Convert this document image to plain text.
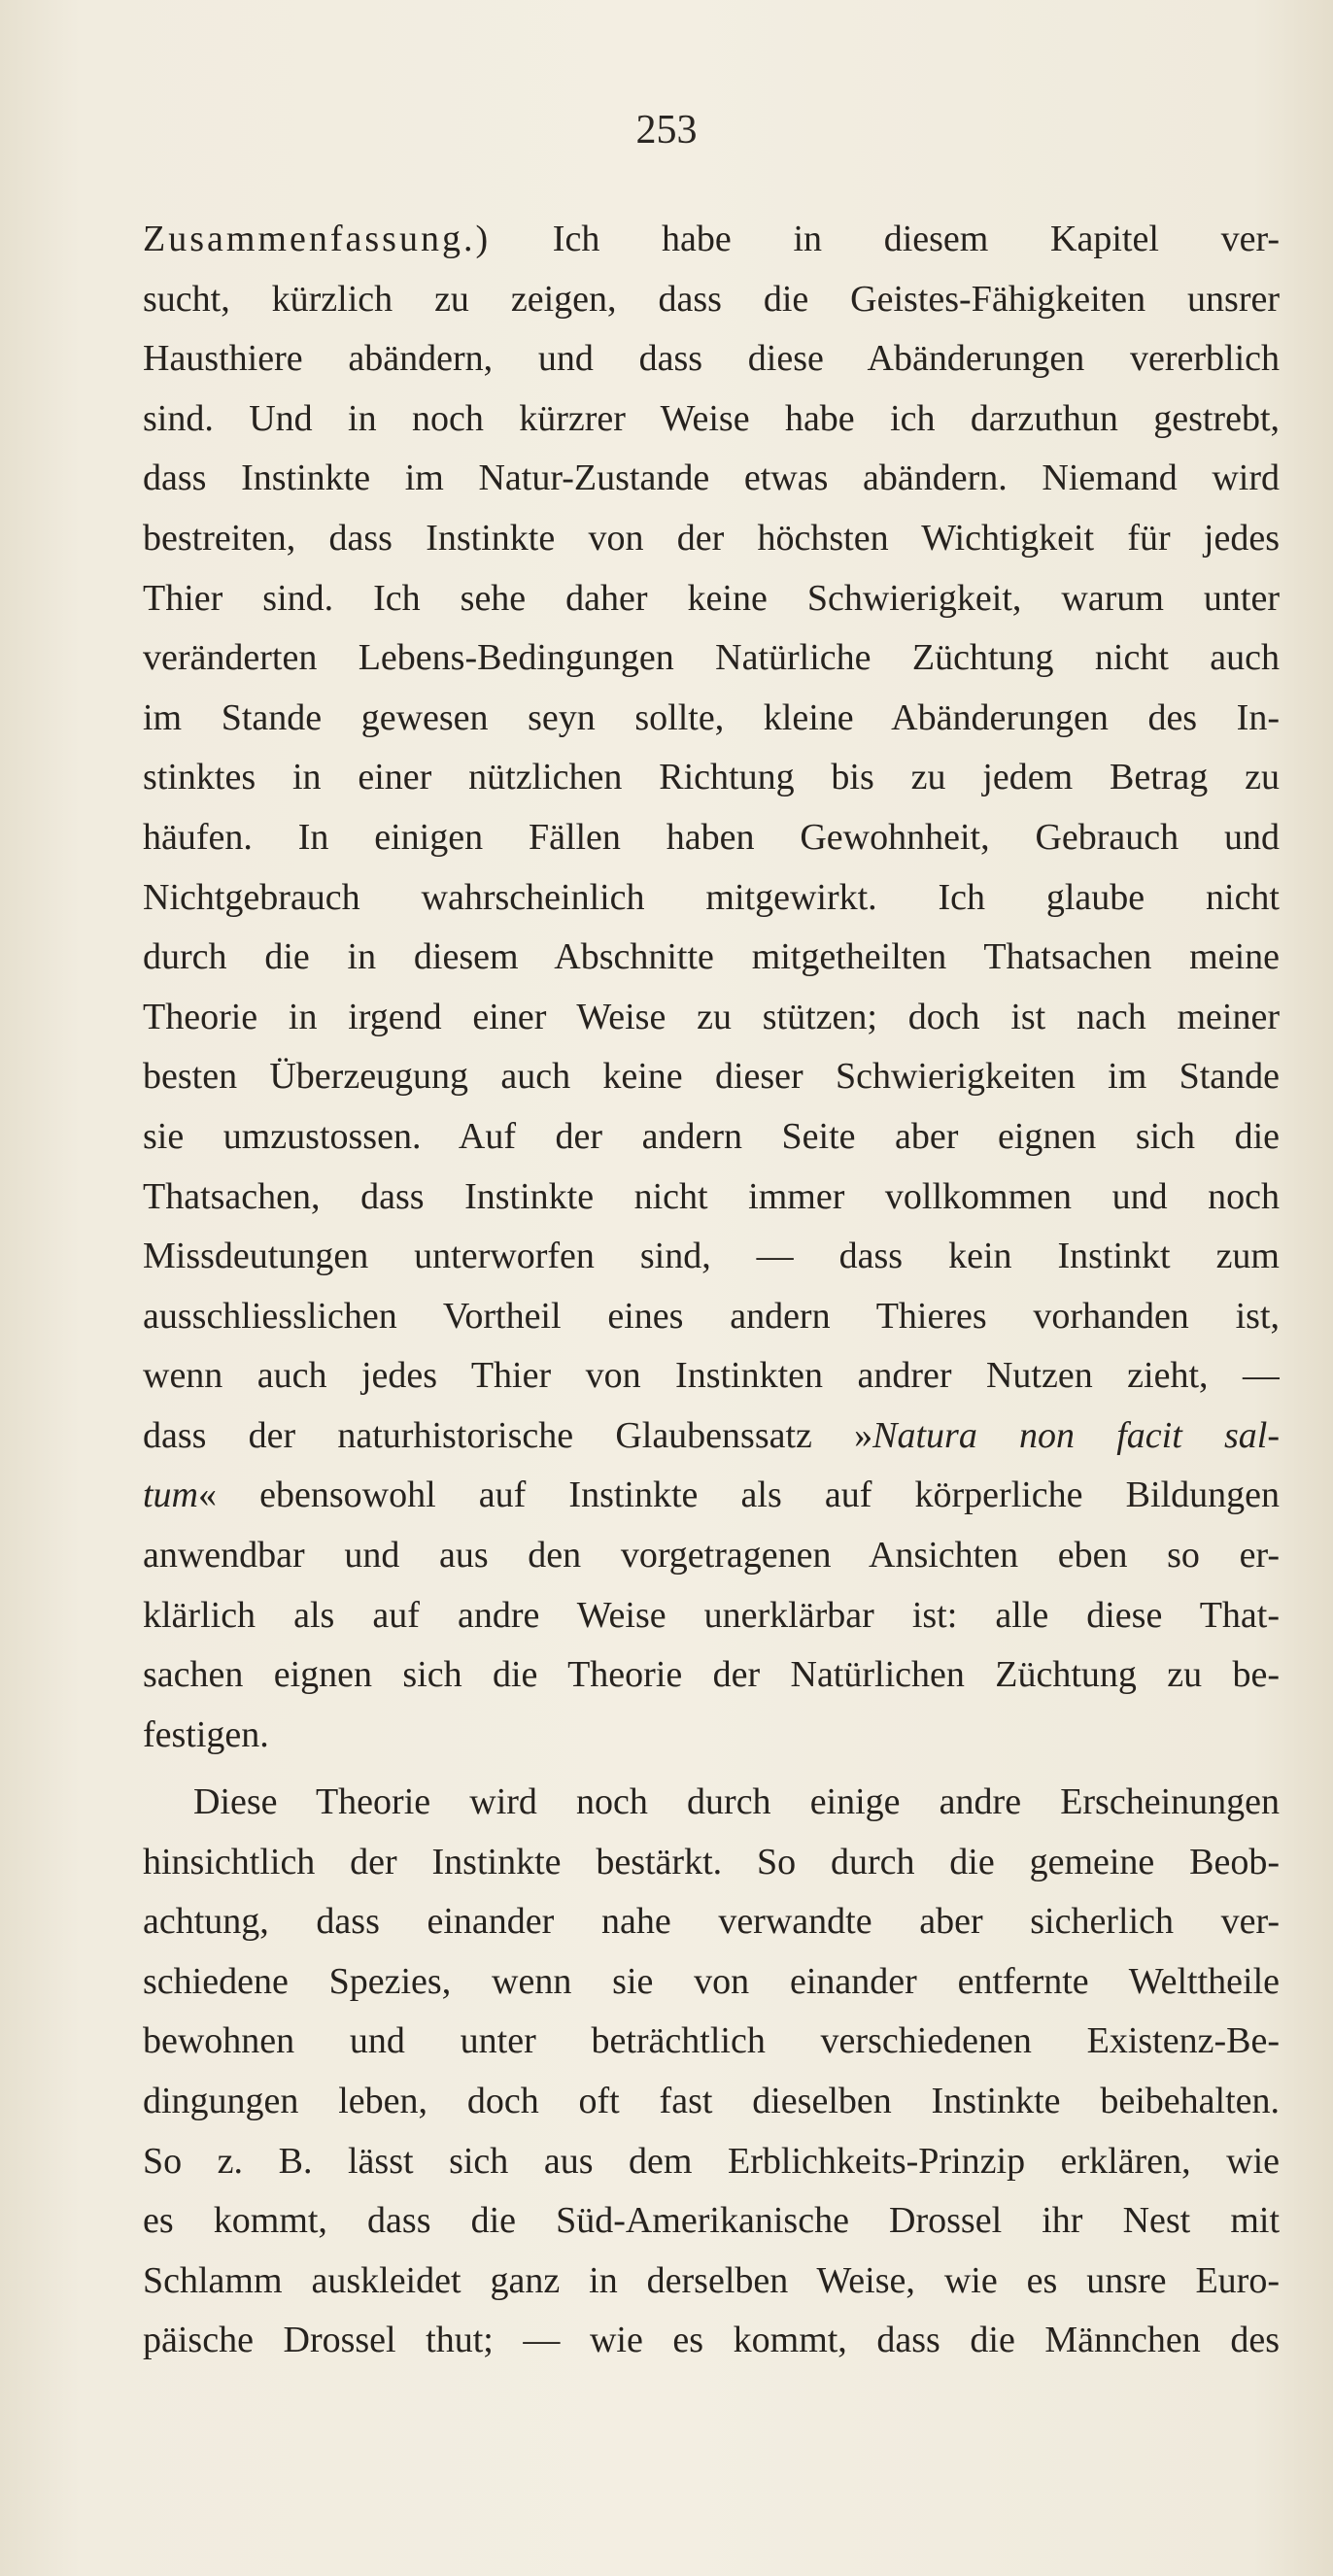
253
Zusammenfassung.) Ich habe in diesem Kapitel ver-
sucht, kürzlich zu zeigen, dass die Geistes-Fähigkeiten unsrer
Hausthiere abändern, und dass diese Abänderungen vererblich
sind. Und in noch kürzrer Weise habe ich darzuthun gestrebt,
dass Instinkte im Natur-Zustande etwas abändern. Niemand wird
bestreiten, dass Instinkte von der höchsten Wichtigkeit für jedes
Thier sind. Ich sehe daher keine Schwierigkeit, warum unter
veränderten Lebens-Bedingungen Natürliche Züchtung nicht auch
im Stande gewesen seyn sollte, kleine Abänderungen des In-
stinktes in einer nützlichen Richtung bis zu jedem Betrag zu
häufen. In einigen Fällen haben Gewohnheit, Gebrauch und
Nichtgebrauch wahrscheinlich mitgewirkt. Ich glaube nicht
durch die in diesem Abschnitte mitgetheilten Thatsachen meine
Theorie in irgend einer Weise zu stützen; doch ist nach meiner
besten Überzeugung auch keine dieser Schwierigkeiten im Stande
sie umzustossen. Auf der andern Seite aber eignen sich die
Thatsachen, dass Instinkte nicht immer vollkommen und noch
Missdeutungen unterworfen sind, — dass kein Instinkt zum
ausschliesslichen Vortheil eines andern Thieres vorhanden ist,
wenn auch jedes Thier von Instinkten andrer Nutzen zieht, —
dass der naturhistorische Glaubenssatz »Natura non facit sal-
tum« ebensowohl auf Instinkte als auf körperliche Bildungen
anwendbar und aus den vorgetragenen Ansichten eben so er-
klärlich als auf andre Weise unerklärbar ist: alle diese That-
sachen eignen sich die Theorie der Natürlichen Züchtung zu be-
festigen.
Diese Theorie wird noch durch einige andre Erscheinungen
hinsichtlich der Instinkte bestärkt. So durch die gemeine Beob-
achtung, dass einander nahe verwandte aber sicherlich ver-
schiedene Spezies, wenn sie von einander entfernte Welttheile
bewohnen und unter beträchtlich verschiedenen Existenz-Be-
dingungen leben, doch oft fast dieselben Instinkte beibehalten.
So z. B. lässt sich aus dem Erblichkeits-Prinzip erklären, wie
es kommt, dass die Süd-Amerikanische Drossel ihr Nest mit
Schlamm auskleidet ganz in derselben Weise, wie es unsre Euro-
päische Drossel thut; — wie es kommt, dass die Männchen des
